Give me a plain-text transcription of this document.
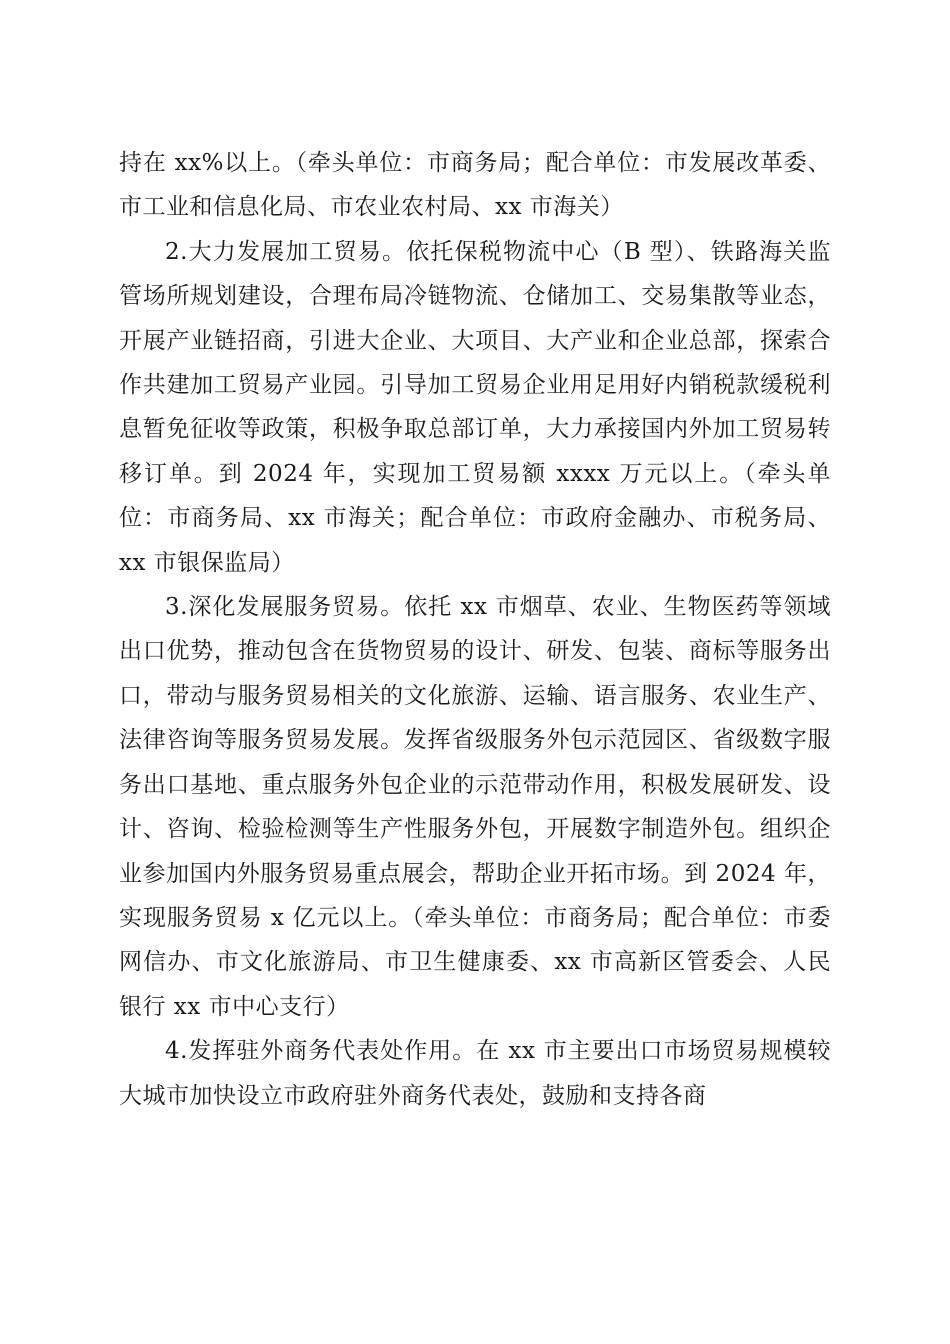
持在 xx%以上。（牵头单位：市商务局；配合单位：市发展改革委、市工业和信息化局、市农业农村局、xx 市海关）

2.大力发展加工贸易。依托保税物流中心（B 型）、铁路海关监管场所规划建设，合理布局冷链物流、仓储加工、交易集散等业态，开展产业链招商，引进大企业、大项目、大产业和企业总部，探索合作共建加工贸易产业园。引导加工贸易企业用足用好内销税款缓税利息暂免征收等政策，积极争取总部订单，大力承接国内外加工贸易转移订单。到 2024 年，实现加工贸易额 xxxx 万元以上。（牵头单位：市商务局、xx 市海关；配合单位：市政府金融办、市税务局、xx 市银保监局）

3.深化发展服务贸易。依托 xx 市烟草、农业、生物医药等领域出口优势，推动包含在货物贸易的设计、研发、包装、商标等服务出口，带动与服务贸易相关的文化旅游、运输、语言服务、农业生产、法律咨询等服务贸易发展。发挥省级服务外包示范园区、省级数字服务出口基地、重点服务外包企业的示范带动作用，积极发展研发、设计、咨询、检验检测等生产性服务外包，开展数字制造外包。组织企业参加国内外服务贸易重点展会，帮助企业开拓市场。到 2024 年，实现服务贸易 x 亿元以上。（牵头单位：市商务局；配合单位：市委网信办、市文化旅游局、市卫生健康委、xx 市高新区管委会、人民银行 xx 市中心支行）

4.发挥驻外商务代表处作用。在 xx 市主要出口市场贸易规模较大城市加快设立市政府驻外商务代表处，鼓励和支持各商
